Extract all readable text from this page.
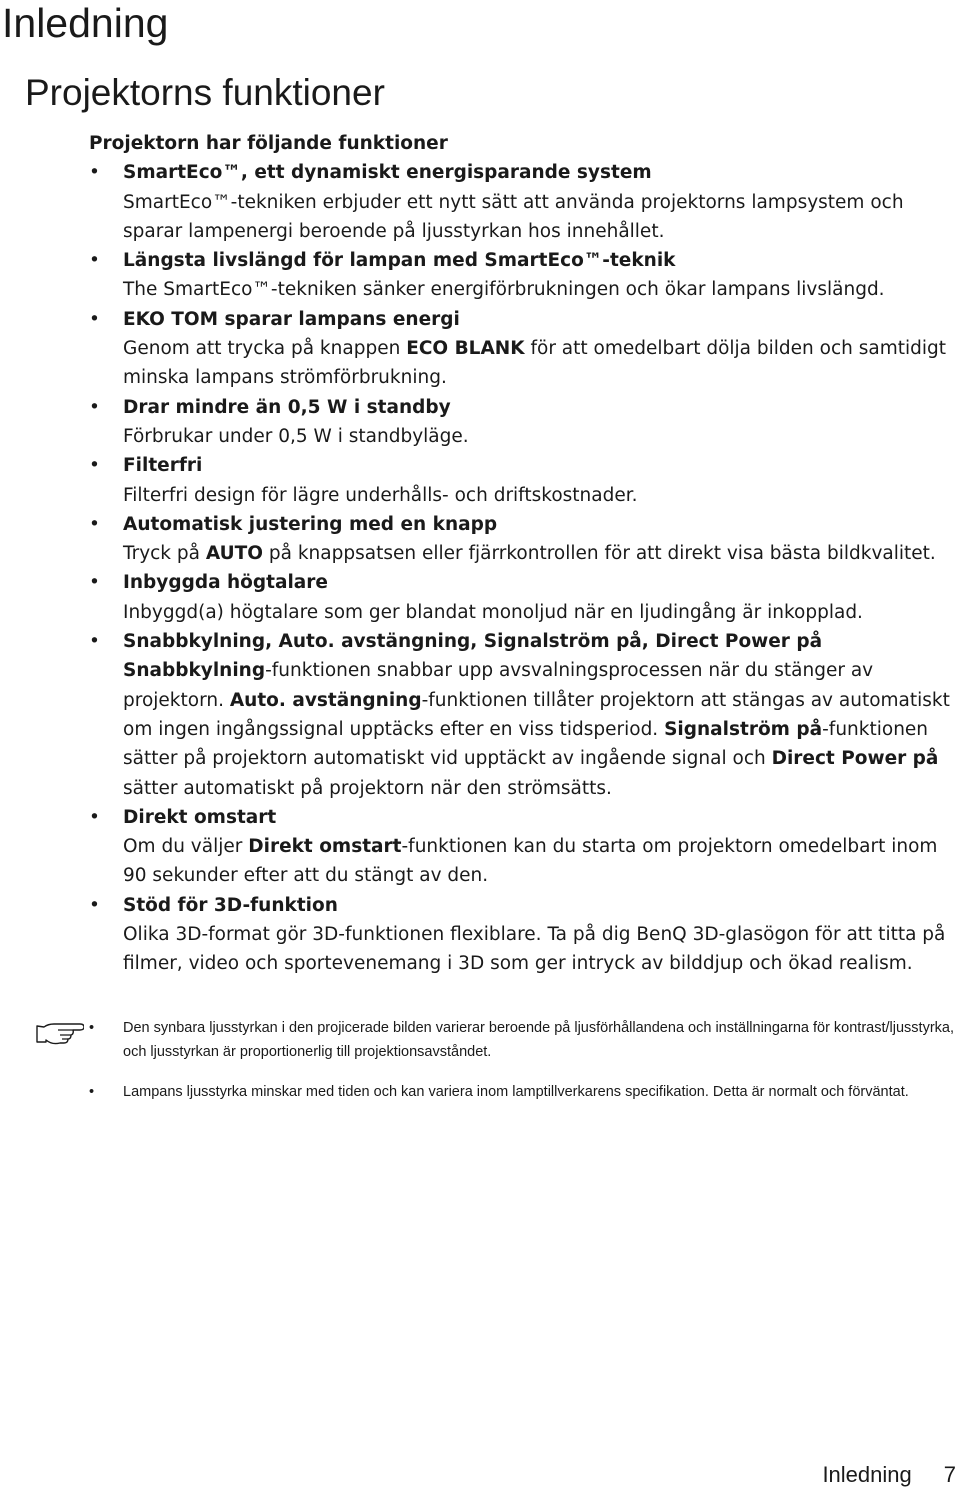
Inledning
Projektorns funktioner

Projektorn har följande funktioner

• SmartEco™, ett dynamiskt energisparande system
SmartEco™-tekniken erbjuder ett nytt sätt att använda projektorns lampsystem och sparar lampenergi beroende på ljusstyrkan hos innehållet.
• Längsta livslängd för lampan med SmartEco™-teknik
The SmartEco™-tekniken sänker energiförbrukningen och ökar lampans livslängd.
• EKO TOM sparar lampans energi
Genom att trycka på knappen ECO BLANK för att omedelbart dölja bilden och samtidigt minska lampans strömförbrukning.
• Drar mindre än 0,5 W i standby
Förbrukar under 0,5 W i standbyläge.
• Filterfri
Filterfri design för lägre underhålls- och driftskostnader.
• Automatisk justering med en knapp
Tryck på AUTO på knappsatsen eller fjärrkontrollen för att direkt visa bästa bildkvalitet.
• Inbyggda högtalare
Inbyggd(a) högtalare som ger blandat monoljud när en ljudingång är inkopplad.
• Snabbkylning, Auto. avstängning, Signalström på, Direct Power på
Snabbkylning-funktionen snabbar upp avsvalningsprocessen när du stänger av projektorn. Auto. avstängning-funktionen tillåter projektorn att stängas av automatiskt om ingen ingångssignal upptäcks efter en viss tidsperiod. Signalström på-funktionen sätter på projektorn automatiskt vid upptäckt av ingående signal och Direct Power på sätter automatiskt på projektorn när den strömsätts.
• Direkt omstart
Om du väljer Direkt omstart-funktionen kan du starta om projektorn omedelbart inom 90 sekunder efter att du stängt av den.
• Stöd för 3D-funktion
Olika 3D-format gör 3D-funktionen flexiblare. Ta på dig BenQ 3D-glasögon för att titta på filmer, video och sportevenemang i 3D som ger intryck av bilddjup och ökad realism.
• Den synbara ljusstyrkan i den projicerade bilden varierar beroende på ljusförhållandena och inställningarna för kontrast/ljusstyrka, och ljusstyrkan är proportionerlig till projektionsavståndet.
• Lampans ljusstyrka minskar med tiden och kan variera inom lamptillverkarens specifikation. Detta är normalt och förväntat.
Inledning 7
